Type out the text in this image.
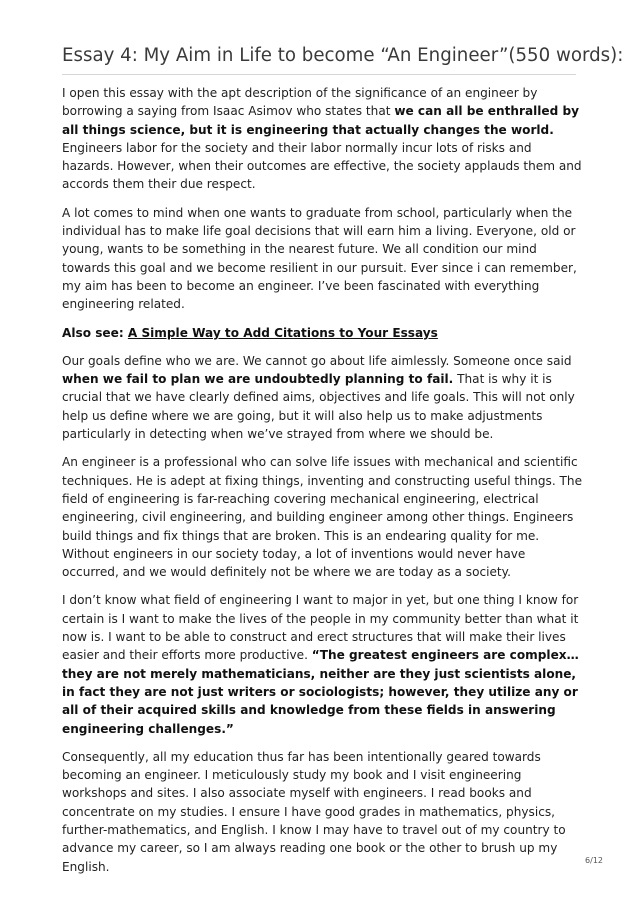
Essay 4: My Aim in Life to become “An Engineer”(550 words):

I open this essay with the apt description of the significance of an engineer by borrowing a saying from Isaac Asimov who states that we can all be enthralled by all things science, but it is engineering that actually changes the world. Engineers labor for the society and their labor normally incur lots of risks and hazards. However, when their outcomes are effective, the society applauds them and accords them their due respect.

A lot comes to mind when one wants to graduate from school, particularly when the individual has to make life goal decisions that will earn him a living. Everyone, old or young, wants to be something in the nearest future. We all condition our mind towards this goal and we become resilient in our pursuit. Ever since i can remember, my aim has been to become an engineer. I’ve been fascinated with everything engineering related.

Also see: A Simple Way to Add Citations to Your Essays

Our goals define who we are. We cannot go about life aimlessly. Someone once said when we fail to plan we are undoubtedly planning to fail. That is why it is crucial that we have clearly defined aims, objectives and life goals. This will not only help us define where we are going, but it will also help us to make adjustments particularly in detecting when we’ve strayed from where we should be.

An engineer is a professional who can solve life issues with mechanical and scientific techniques. He is adept at fixing things, inventing and constructing useful things. The field of engineering is far-reaching covering mechanical engineering, electrical engineering, civil engineering, and building engineer among other things. Engineers build things and fix things that are broken. This is an endearing quality for me. Without engineers in our society today, a lot of inventions would never have occurred, and we would definitely not be where we are today as a society.

I don’t know what field of engineering I want to major in yet, but one thing I know for certain is I want to make the lives of the people in my community better than what it now is. I want to be able to construct and erect structures that will make their lives easier and their efforts more productive. “The greatest engineers are complex… they are not merely mathematicians, neither are they just scientists alone, in fact they are not just writers or sociologists; however, they utilize any or all of their acquired skills and knowledge from these fields in answering engineering challenges.”

Consequently, all my education thus far has been intentionally geared towards becoming an engineer. I meticulously study my book and I visit engineering workshops and sites. I also associate myself with engineers. I read books and concentrate on my studies. I ensure I have good grades in mathematics, physics, further-mathematics, and English. I know I may have to travel out of my country to advance my career, so I am always reading one book or the other to brush up my English.	6/12
